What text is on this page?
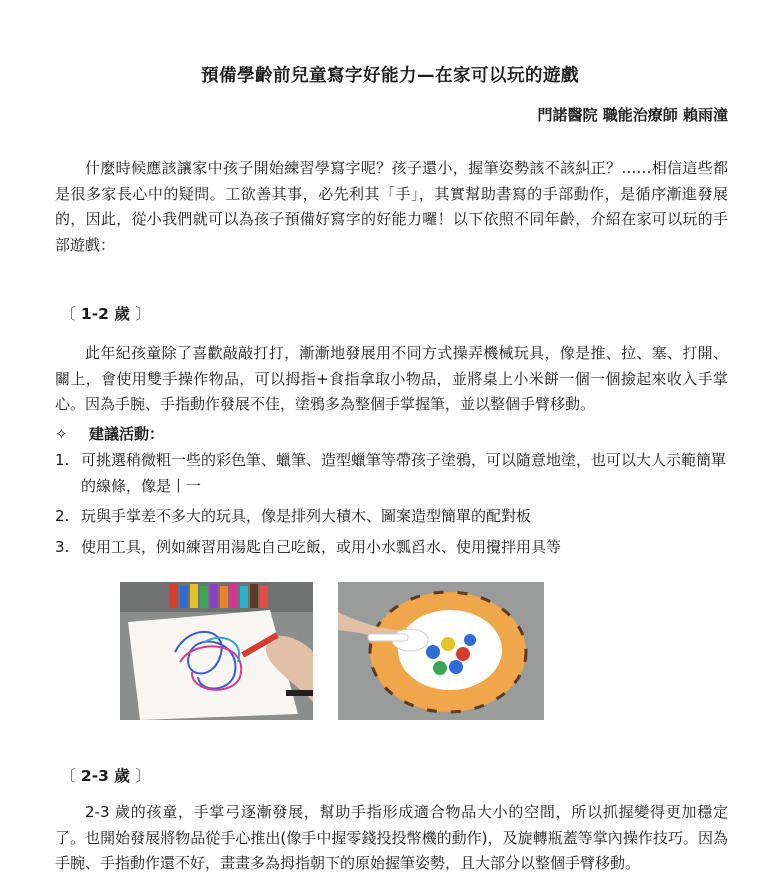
預備學齡前兒童寫字好能力—在家可以玩的遊戲

門諾醫院 職能治療師 賴雨潼

什麼時候應該讓家中孩子開始練習學寫字呢？孩子還小，握筆姿勢該不該糾正？……相信這些都是很多家長心中的疑問。工欲善其事，必先利其「手」，其實幫助書寫的手部動作，是循序漸進發展的，因此，從小我們就可以為孩子預備好寫字的好能力囉！以下依照不同年齡，介紹在家可以玩的手部遊戲：

〔 1-2 歲 〕

此年紀孩童除了喜歡敲敲打打，漸漸地發展用不同方式操弄機械玩具，像是推、拉、塞、打開、關上，會使用雙手操作物品，可以拇指+食指拿取小物品，並將桌上小米餅一個一個撿起來收入手掌心。因為手腕、手指動作發展不佳，塗鴉多為整個手掌握筆，並以整個手臂移動。

✧ 建議活動：

1. 可挑選稍微粗一些的彩色筆、蠟筆、造型蠟筆等帶孩子塗鴉，可以隨意地塗，也可以大人示範簡單的線條，像是丨一
2. 玩與手掌差不多大的玩具，像是排列大積木、圖案造型簡單的配對板
3. 使用工具，例如練習用湯匙自己吃飯，或用小水瓢舀水、使用攪拌用具等
〔 2-3 歲 〕

2-3 歲的孩童，手掌弓逐漸發展，幫助手指形成適合物品大小的空間，所以抓握變得更加穩定了。也開始發展將物品從手心推出(像手中握零錢投投幣機的動作)，及旋轉瓶蓋等掌內操作技巧。因為手腕、手指動作還不好，畫畫多為拇指朝下的原始握筆姿勢，且大部分以整個手臂移動。
